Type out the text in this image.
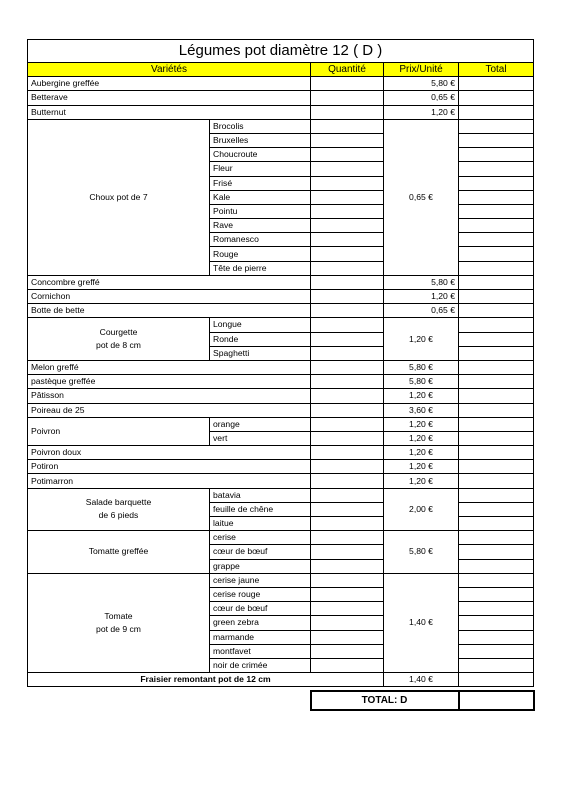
Légumes pot diamètre 12 ( D )				
Variétés		Quantité	Prix/Unité	Total
Aubergine greffée			5,80 €	
Betterave			0,65 €	
Butternut			1,20 €	
Choux pot de 7	Brocolis		0,65 €	
	Bruxelles			
	Choucroute			
	Fleur			
	Frisé			
	Kale			
	Pointu			
	Rave			
	Romanesco			
	Rouge			
	Tête de pierre			
Concombre greffé			5,80 €	
Cornichon			1,20 €	
Botte de bette			0,65 €	

Courgette
pot de 8 cm	Longue		1,20 €	
	Ronde			
	Spaghetti			
Melon greffé			5,80 €	
pastèque greffée			5,80 €	
Pâtisson			1,20 €	
Poireau de 25			3,60 €	
Poivron	orange		1,20 €	
	vert		1,20 €	
Poivron doux			1,20 €	
Potiron			1,20 €	
Potimarron			1,20 €	

Salade barquette
de 6 pieds	batavia		2,00 €	
	feuille de chêne			
	laitue			
Tomatte greffée	cerise		5,80 €	
	cœur de bœuf			
	grappe			

Tomate
pot de 9 cm	cerise jaune		1,40 €	
	cerise rouge			
	cœur de bœuf			
	green zebra			
	marmande			
	montfavet			
	noir de crimée			
Fraisier remontant pot de 12 cm			1,40 €	

		TOTAL: D		
